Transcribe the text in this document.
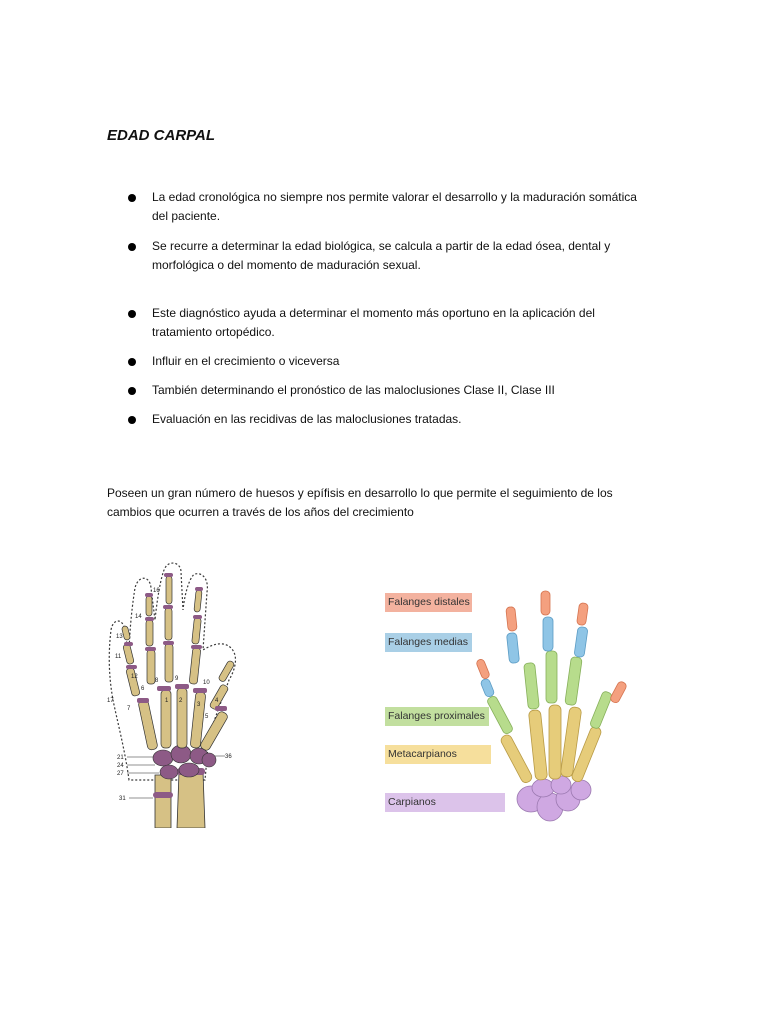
EDAD CARPAL
La edad cronológica no siempre nos permite valorar el desarrollo y la maduración somática del paciente.
Se recurre a determinar la edad biológica, se calcula a partir de la edad ósea, dental y morfológica o del momento de maduración sexual.
Este diagnóstico ayuda a determinar el momento más oportuno en la aplicación del tratamiento ortopédico.
Influir en el crecimiento o viceversa
También determinando el pronóstico de las maloclusiones Clase II, Clase III
Evaluación en las recidivas de las maloclusiones tratadas.

Poseen un gran número de huesos y epífisis en desarrollo lo que permite el seguimiento de los cambios que ocurren a través de los años del crecimiento

13
14
16
11
12
8	9
10
6
1 2
3
4
5
7
17
36
21
24
27
31
Falanges distales
Falanges medias
Falanges proximales
Metacarpianos
Carpianos
